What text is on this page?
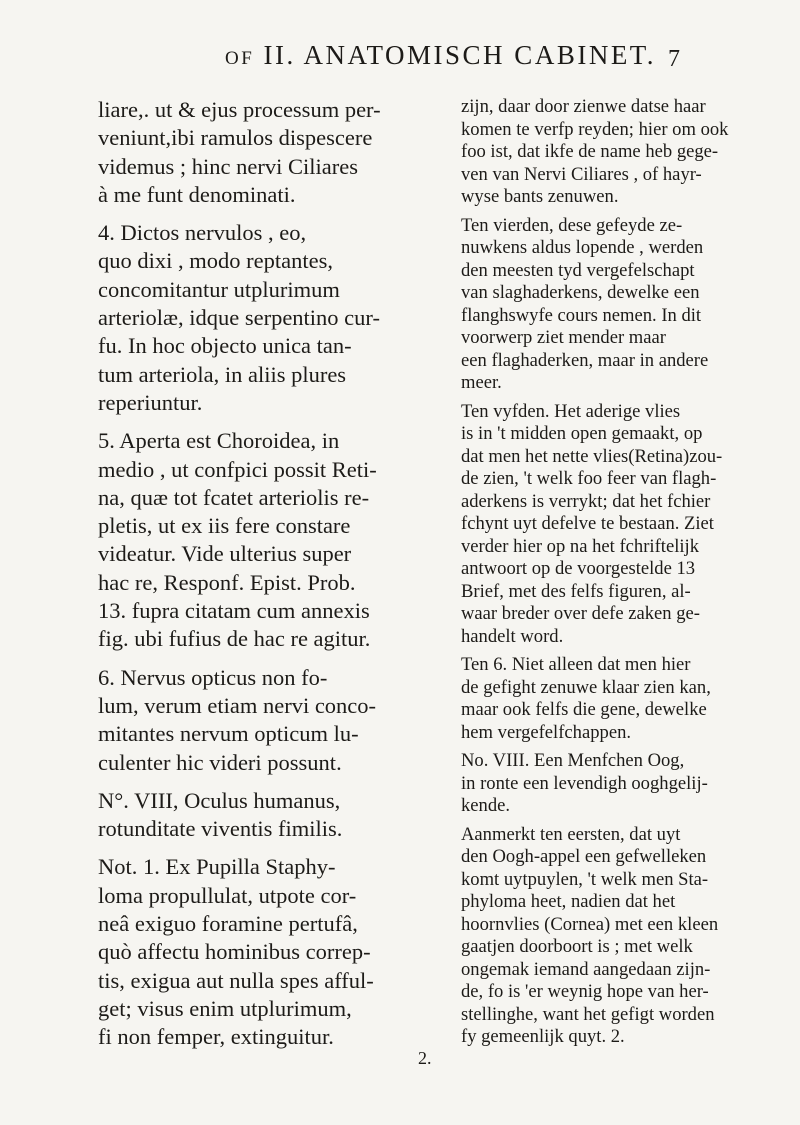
of II. ANATOMISCH CABINET. 7
liare,. ut & ejus processum per-
veniunt,ibi ramulos dispescere
videmus ; hinc nervi Ciliares
à me funt denominati.
4. Dictos nervulos , eo,
quo dixi , modo reptantes,
concomitantur utplurimum
arteriolæ, idque serpentino cur-
fu. In hoc objecto unica tan-
tum arteriola, in aliis plures
reperiuntur.
5. Aperta est Choroidea, in
medio , ut confpici possit Reti-
na, quæ tot fcatet arteriolis re-
pletis, ut ex iis fere constare
videatur. Vide ulterius super
hac re, Responf. Epist. Prob.
13. fupra citatam cum annexis
fig. ubi fufius de hac re agitur.
6. Nervus opticus non fo-
lum, verum etiam nervi conco-
mitantes nervum opticum lu-
culenter hic videri possunt.
N°. VIII, Oculus humanus,
rotunditate viventis fimilis.
Not. 1. Ex Pupilla Staphy-
loma propullulat, utpote cor-
neâ exiguo foramine pertufâ,
quò affectu hominibus correp-
tis, exigua aut nulla spes afful-
get; visus enim utplurimum,
fi non femper, extinguitur.
zijn, daar door zienwe datse haar
komen te verfp reyden; hier om ook
foo ist, dat ikfe de name heb gege-
ven van Nervi Ciliares , of hayr-
wyse bants zenuwen.
Ten vierden, dese gefeyde ze-
nuwkens aldus lopende , werden
den meesten tyd vergefelschapt
van slaghaderkens, dewelke een
flanghswyfe cours nemen. In dit
voorwerp ziet mender maar
een flaghaderken, maar in andere
meer.
Ten vyfden. Het aderige vlies
is in 't midden open gemaakt, op
dat men het nette vlies(Retina)zou-
de zien, 't welk foo feer van flagh-
aderkens is verrykt; dat het fchier
fchynt uyt defelve te bestaan. Ziet
verder hier op na het fchriftelijk
antwoort op de voorgestelde 13
Brief, met des felfs figuren, al-
waar breder over defe zaken ge-
handelt word.
Ten 6. Niet alleen dat men hier
de gefight zenuwe klaar zien kan,
maar ook felfs die gene, dewelke
hem vergefelfchappen.
No. VIII. Een Menfchen Oog,
in ronte een levendigh ooghgelij-
kende.
Aanmerkt ten eersten, dat uyt
den Oogh-appel een gefwelleken
komt uytpuylen, 't welk men Sta-
phyloma heet, nadien dat het
hoornvlies (Cornea) met een kleen
gaatjen doorboort is ; met welk
ongemak iemand aangedaan zijn-
de, fo is 'er weynig hope van her-
stellinghe, want het gefigt worden
fy gemeenlijk quyt. 2.
2.
